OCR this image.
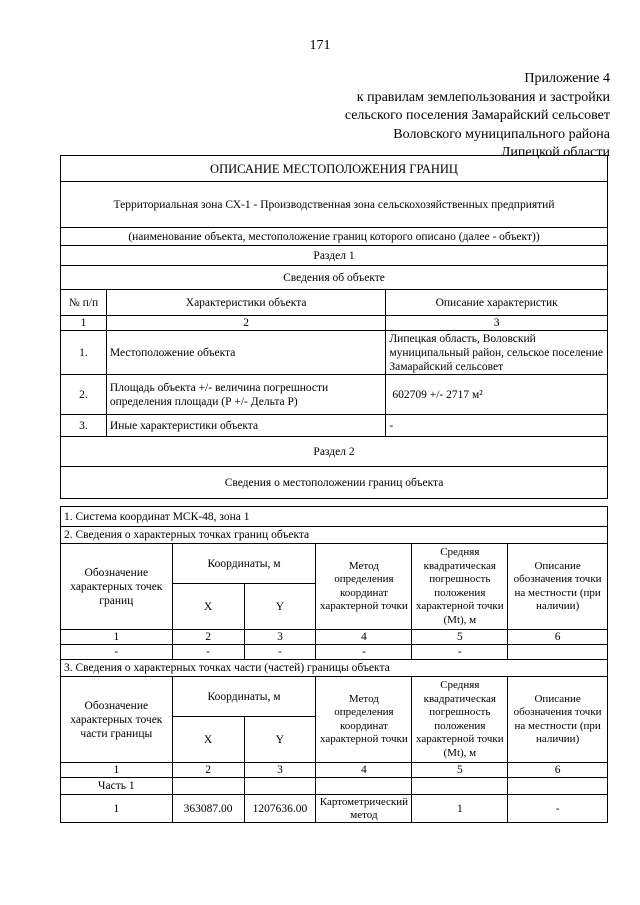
171
Приложение 4
к правилам землепользования и застройки
сельского поселения Замарайский сельсовет
Воловского муниципального района
Липецкой области
ОПИСАНИЕ МЕСТОПОЛОЖЕНИЯ ГРАНИЦ		
Территориальная зона СХ-1 - Производственная зона сельскохозяйственных предприятий		
(наименование объекта, местоположение границ которого описано (далее - объект))		
Раздел 1		
Сведения об объекте		
№ п/п	Характеристики объекта	Описание характеристик
1	2	3
1.	Местоположение объекта	Липецкая область, Воловский муниципальный район, сельское поселение Замарайский сельсовет
2.	Площадь объекта +/- величина погрешности определения площади (Р +/- Дельта Р)	602709 +/- 2717 м²
3.	Иные характеристики объекта	-
Раздел 2		
Сведения о местоположении границ объекта		
1. Система координат МСК-48, зона 1					
2. Сведения о характерных точках границ объекта					
Обозначение характерных точек границ	Координаты, м		Метод определения координат характерной точки	Средняя квадратическая погрешность положения характерной точки (Mt), м	Описание обозначения точки на местности (при наличии)
	X	Y			
1	2	3	4	5	6
-	-	-	-	-	
3. Сведения о характерных точках части (частей) границы объекта					
Обозначение характерных точек части границы	Координаты, м		Метод определения координат характерной точки	Средняя квадратическая погрешность положения характерной точки (Mt), м	Описание обозначения точки на местности (при наличии)
	X	Y			
1	2	3	4	5	6
Часть 1					
1	363087.00	1207636.00	Картометрический метод	1	-
